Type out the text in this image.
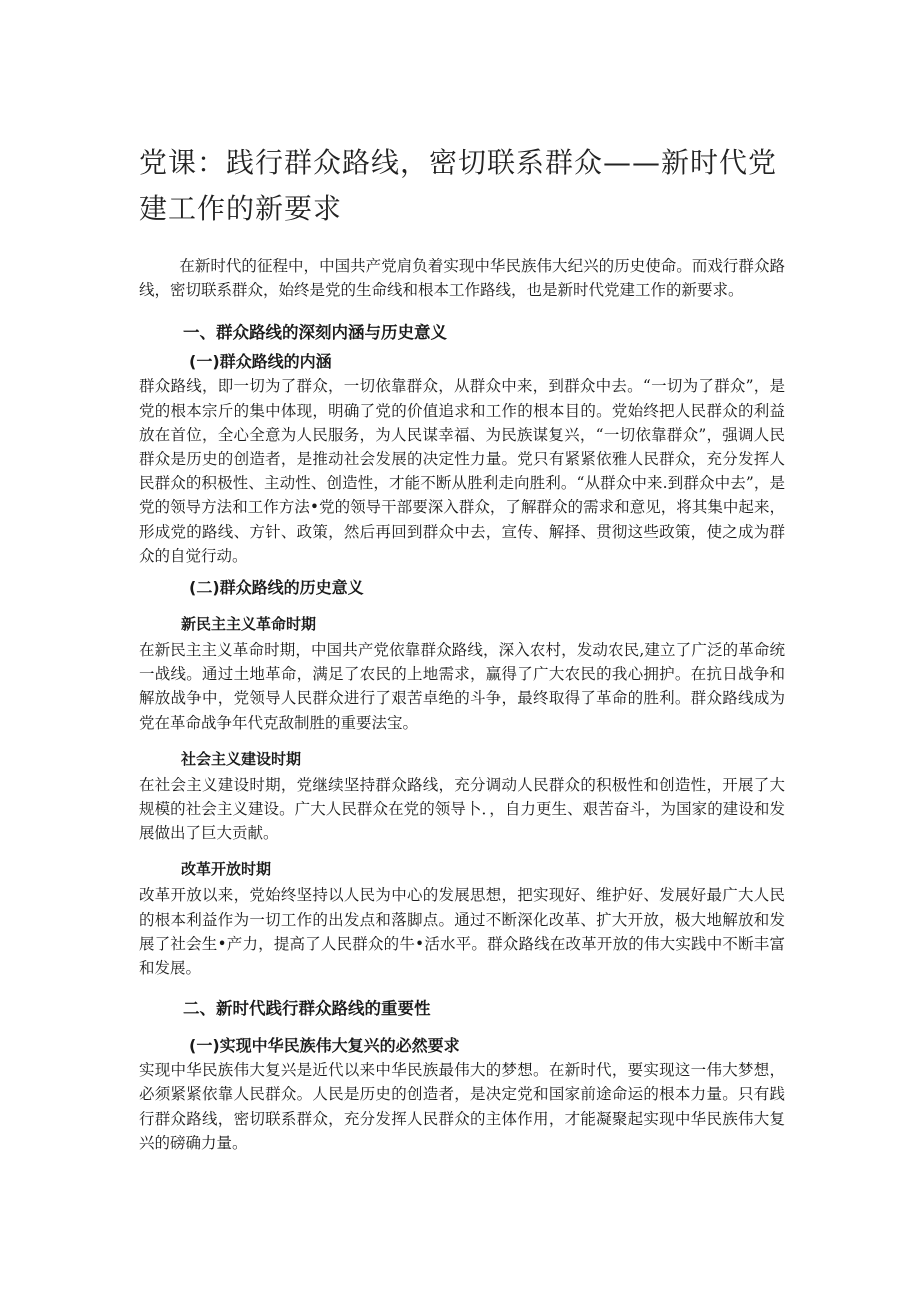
党课：践行群众路线，密切联系群众——新时代党建工作的新要求

在新时代的征程中，中国共产党肩负着实现中华民族伟大纪兴的历史使命。而戏行群众路线，密切联系群众，始终是党的生命线和根本工作路线，也是新时代党建工作的新要求。

一、群众路线的深刻内涵与历史意义
(一)群众路线的内涵

群众路线，即一切为了群众，一切依靠群众，从群众中来，到群众中去。“一切为了群众”，是党的根本宗斤的集中体现，明确了党的价值追求和工作的根本目的。党始终把人民群众的利益放在首位，全心全意为人民服务，为人民谋幸福、为民族谋复兴，“一切依靠群众”，强调人民群众是历史的创造者，是推动社会发展的决定性力量。党只有紧紧依雅人民群众，充分发挥人民群众的积极性、主动性、创造性，才能不断从胜利走向胜利。“从群众中来.到群众中去”，是党的领导方法和工作方法•党的领导干部要深入群众，了解群众的需求和意见，将其集中起来，形成党的路线、方针、政策，然后再回到群众中去，宣传、解择、贯彻这些政策，使之成为群众的自觉行动。

(二)群众路线的历史意义
新民主主义革命时期

在新民主主义革命时期，中国共产党依靠群众路线，深入农村，发动农民,建立了广泛的革命统一战线。通过土地革命，满足了农民的上地需求，赢得了广大农民的我心拥护。在抗日战争和解放战争中，党领导人民群众进行了艰苦卓绝的斗争，最终取得了革命的胜利。群众路线成为党在革命战争年代克敌制胜的重要法宝。

社会主义建设时期

在社会主义建设时期，党继续坚持群众路线，充分调动人民群众的积极性和创造性，开展了大规模的社会主义建设。广大人民群众在党的领导卜．，自力更生、艰苦奋斗，为国家的建设和发展做出了巨大贡献。

改革开放时期

改革开放以来，党始终坚持以人民为中心的发展思想，把实现好、维护好、发展好最广大人民的根本利益作为一切工作的出发点和落脚点。通过不断深化改革、扩大开放，极大地解放和发展了社会生•产力，提高了人民群众的牛•活水平。群众路线在改革开放的伟大实践中不断丰富和发展。

二、新时代践行群众路线的重要性
(一)实现中华民族伟大复兴的必然要求

实现中华民族伟大复兴是近代以来中华民族最伟大的梦想。在新时代，要实现这一伟大梦想，必须紧紧依靠人民群众。人民是历史的创造者，是决定党和国家前途命运的根本力量。只有践行群众路线，密切联系群众，充分发挥人民群众的主体作用，才能凝聚起实现中华民族伟大复兴的磅确力量。
